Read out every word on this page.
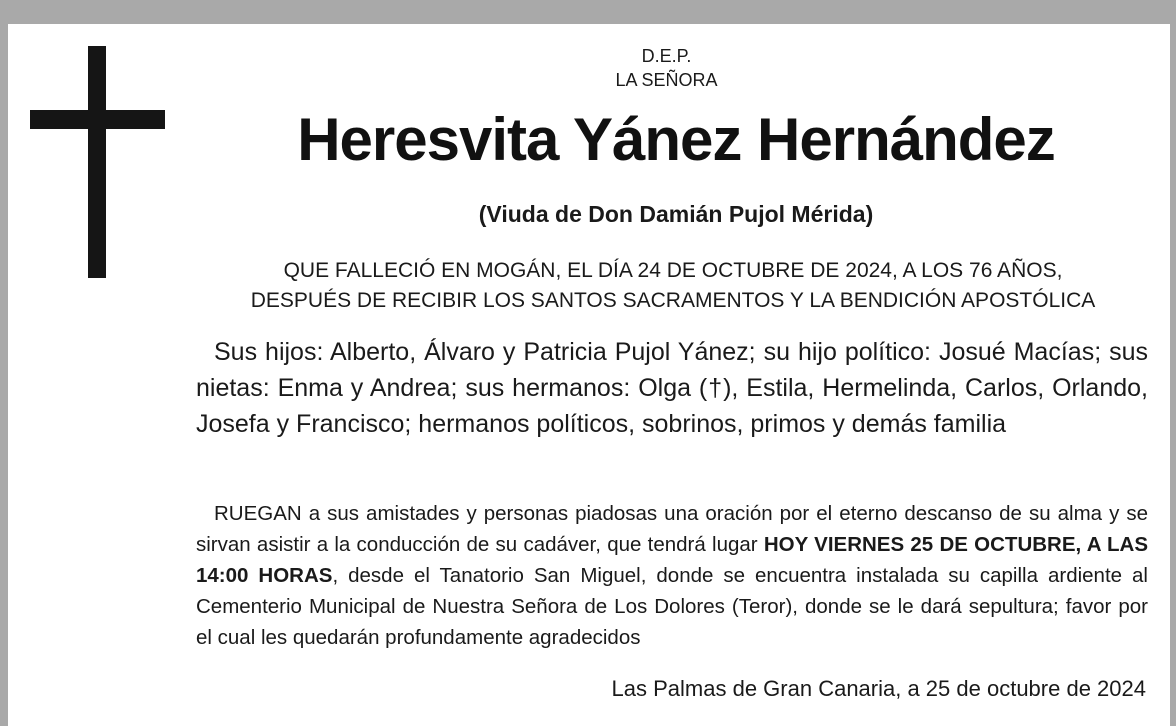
D.E.P.
LA SEÑORA
Heresvita Yánez Hernández
(Viuda de Don Damián Pujol Mérida)
QUE FALLECIÓ EN MOGÁN, EL DÍA 24 DE OCTUBRE DE 2024, A LOS 76 AÑOS,
DESPUÉS DE RECIBIR LOS SANTOS SACRAMENTOS Y LA BENDICIÓN APOSTÓLICA
Sus hijos: Alberto, Álvaro y Patricia Pujol Yánez; su hijo político: Josué Macías; sus nietas: Enma y Andrea; sus hermanos: Olga (†), Estila, Hermelinda, Carlos, Orlando, Josefa y Francisco; hermanos políticos, sobrinos, primos y demás familia
RUEGAN a sus amistades y personas piadosas una oración por el eterno descanso de su alma y se sirvan asistir a la conducción de su cadáver, que tendrá lugar HOY VIERNES 25 DE OCTUBRE, A LAS 14:00 HORAS, desde el Tanatorio San Miguel, donde se encuentra instalada su capilla ardiente al Cementerio Municipal de Nuestra Señora de Los Dolores (Teror), donde se le dará sepultura; favor por el cual les quedarán profundamente agradecidos
Las Palmas de Gran Canaria, a 25 de octubre de 2024
